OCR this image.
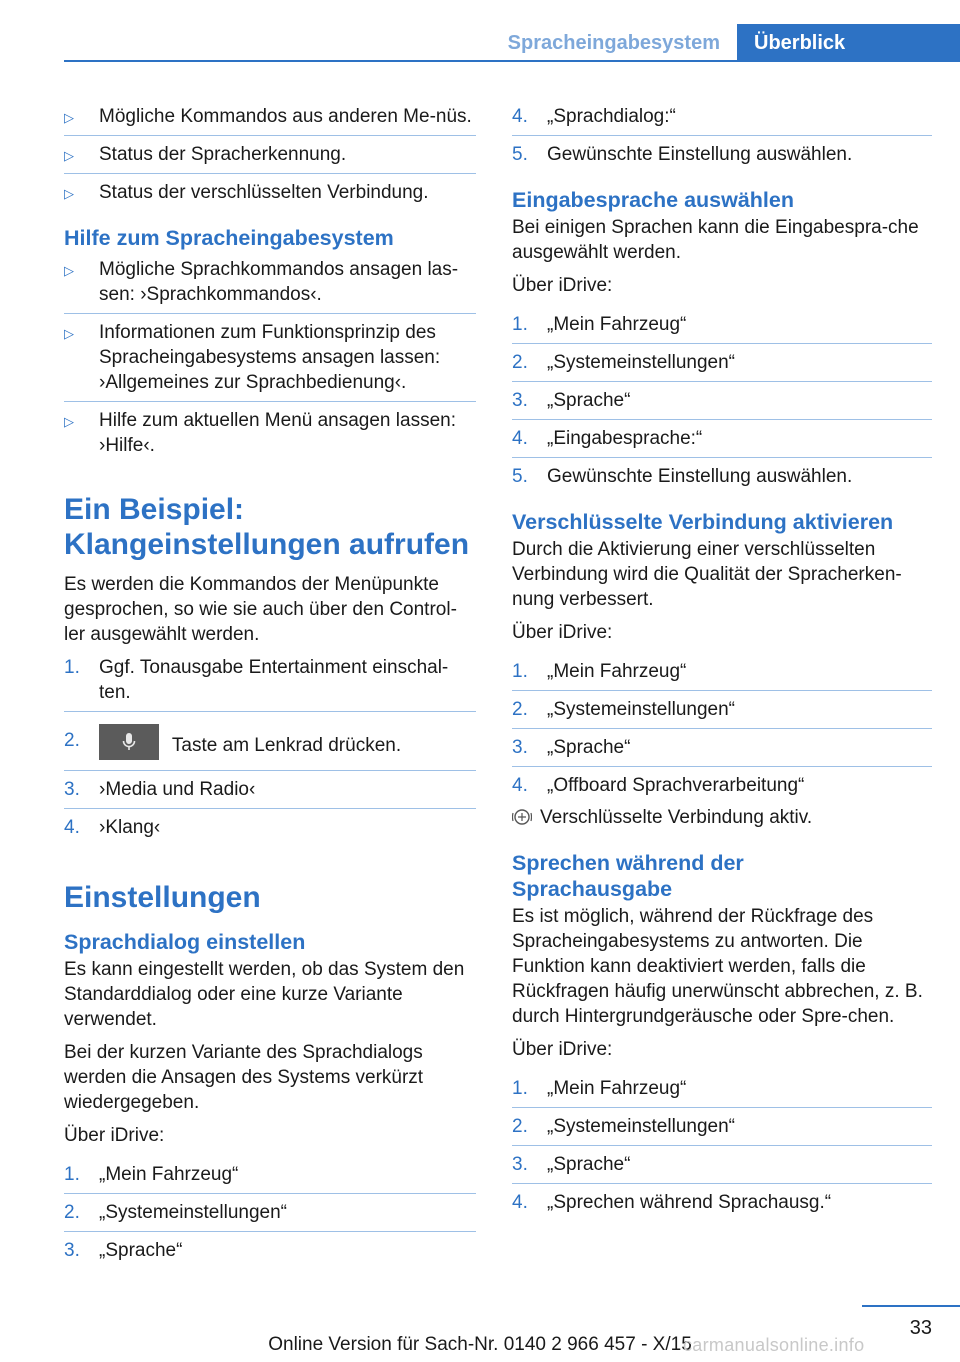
Spracheingabesystem	Überblick
▷ Mögliche Kommandos aus anderen Me‐nüs.
▷ Status der Spracherkennung.
▷ Status der verschlüsselten Verbindung.
Hilfe zum Spracheingabesystem
▷ Mögliche Sprachkommandos ansagen las‐sen: ›Sprachkommandos‹.
▷ Informationen zum Funktionsprinzip des Spracheingabesystems ansagen lassen: ›Allgemeines zur Sprachbedienung‹.
▷ Hilfe zum aktuellen Menü ansagen lassen: ›Hilfe‹.
Ein Beispiel: Klangeinstellungen aufrufen
Es werden die Kommandos der Menüpunkte gesprochen, so wie sie auch über den Control‐ler ausgewählt werden.
1. Ggf. Tonausgabe Entertainment einschal‐ten.
2.	Taste am Lenkrad drücken.
3. ›Media und Radio‹
4. ›Klang‹
Einstellungen
Sprachdialog einstellen
Es kann eingestellt werden, ob das System den Standarddialog oder eine kurze Variante verwendet.
Bei der kurzen Variante des Sprachdialogs werden die Ansagen des Systems verkürzt wiedergegeben.
Über iDrive:
1. „Mein Fahrzeug“
2. „Systemeinstellungen“
3. „Sprache“
4. „Sprachdialog:“
5. Gewünschte Einstellung auswählen.
Eingabesprache auswählen
Bei einigen Sprachen kann die Eingabespra‐che ausgewählt werden.
Über iDrive:
1. „Mein Fahrzeug“
2. „Systemeinstellungen“
3. „Sprache“
4. „Eingabesprache:“
5. Gewünschte Einstellung auswählen.
Verschlüsselte Verbindung aktivieren
Durch die Aktivierung einer verschlüsselten Verbindung wird die Qualität der Spracherken‐nung verbessert.
Über iDrive:
1. „Mein Fahrzeug“
2. „Systemeinstellungen“
3. „Sprache“
4. „Offboard Sprachverarbeitung“
Verschlüsselte Verbindung aktiv.
Sprechen während der Sprachausgabe
Es ist möglich, während der Rückfrage des Spracheingabesystems zu antworten. Die Funktion kann deaktiviert werden, falls die Rückfragen häufig unerwünscht abbrechen, z. B. durch Hintergrundgeräusche oder Spre‐chen.
Über iDrive:
1. „Mein Fahrzeug“
2. „Systemeinstellungen“
3. „Sprache“
4. „Sprechen während Sprachausg.“
33
Online Version für Sach-Nr. 0140 2 966 457 - X/15
carmanualsonline.info
